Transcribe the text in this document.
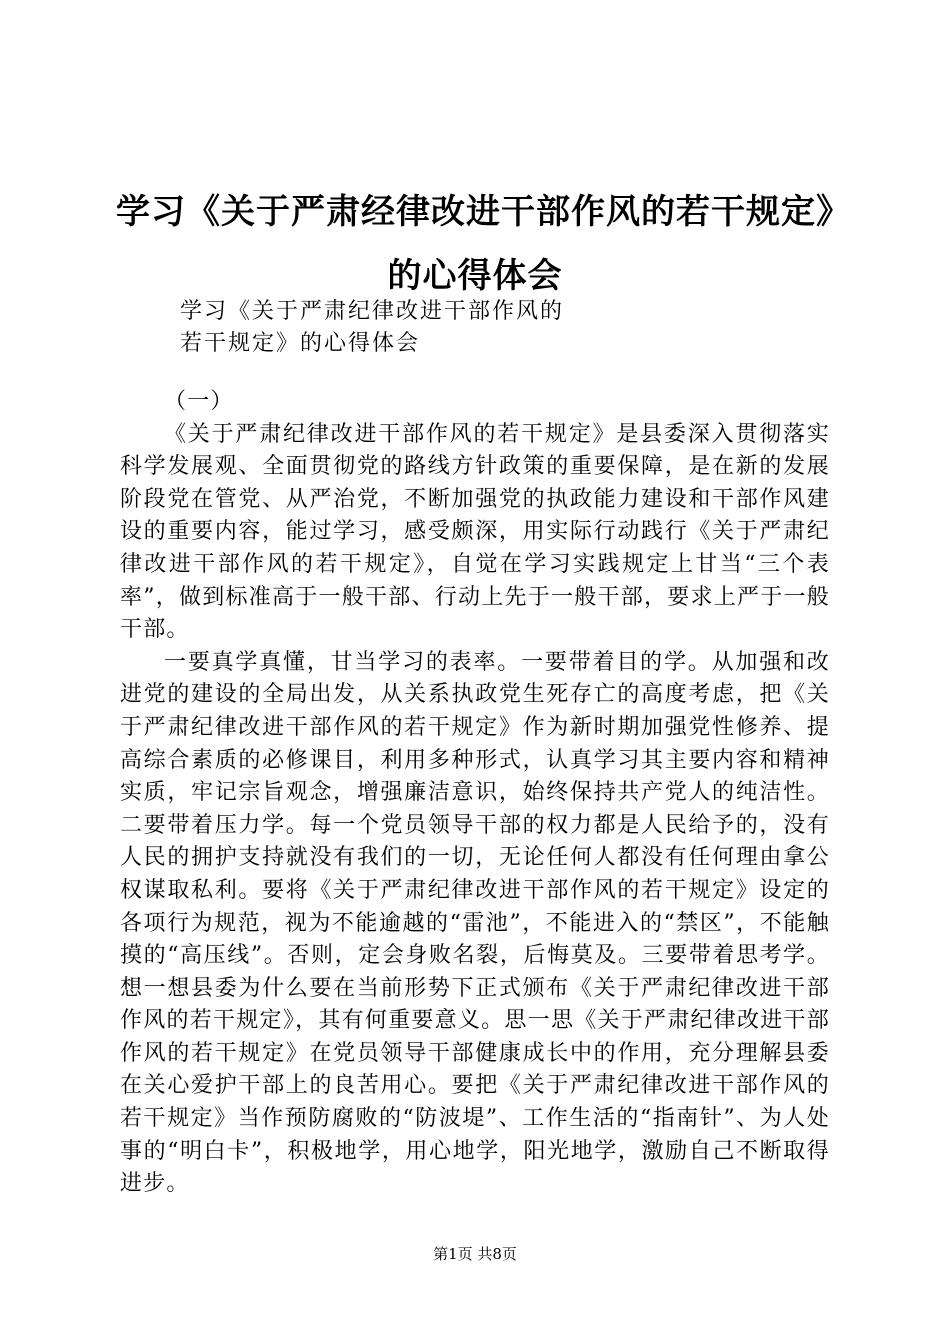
学习《关于严肃经律改进干部作风的若干规定》的心得体会
学习《关于严肃纪律改进干部作风的
若干规定》的心得体会

（一）

《关于严肃纪律改进干部作风的若干规定》是县委深入贯彻落实科学发展观、全面贯彻党的路线方针政策的重要保障，是在新的发展阶段党在管党、从严治党，不断加强党的执政能力建设和干部作风建设的重要内容，能过学习，感受颇深，用实际行动践行《关于严肃纪律改进干部作风的若干规定》，自觉在学习实践规定上甘当“三个表率”，做到标准高于一般干部、行动上先于一般干部，要求上严于一般干部。

一要真学真懂，甘当学习的表率。一要带着目的学。从加强和改进党的建设的全局出发，从关系执政党生死存亡的高度考虑，把《关于严肃纪律改进干部作风的若干规定》作为新时期加强党性修养、提高综合素质的必修课目，利用多种形式，认真学习其主要内容和精神实质，牢记宗旨观念，增强廉洁意识，始终保持共产党人的纯洁性。二要带着压力学。每一个党员领导干部的权力都是人民给予的，没有人民的拥护支持就没有我们的一切，无论任何人都没有任何理由拿公权谋取私利。要将《关于严肃纪律改进干部作风的若干规定》设定的各项行为规范，视为不能逾越的“雷池”，不能进入的“禁区”，不能触摸的“高压线”。否则，定会身败名裂，后悔莫及。三要带着思考学。想一想县委为什么要在当前形势下正式颁布《关于严肃纪律改进干部作风的若干规定》，其有何重要意义。思一思《关于严肃纪律改进干部作风的若干规定》在党员领导干部健康成长中的作用，充分理解县委在关心爱护干部上的良苦用心。要把《关于严肃纪律改进干部作风的若干规定》当作预防腐败的“防波堤”、工作生活的“指南针”、为人处事的“明白卡”，积极地学，用心地学，阳光地学，激励自己不断取得进步。

第1页 共8页
